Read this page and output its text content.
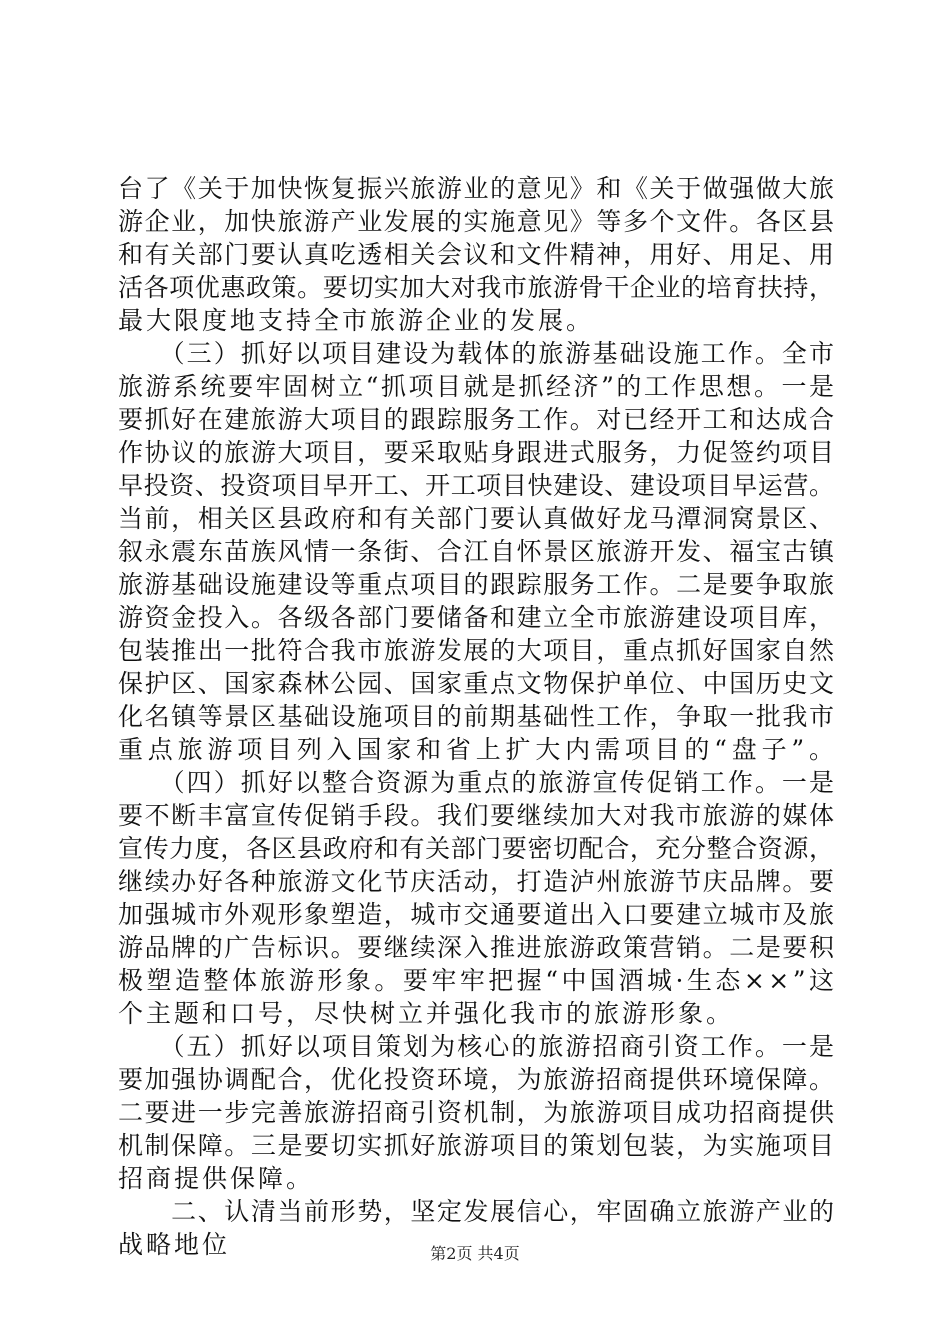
台了《关于加快恢复振兴旅游业的意见》和《关于做强做大旅
游企业，加快旅游产业发展的实施意见》等多个文件。各区县
和有关部门要认真吃透相关会议和文件精神，用好、用足、用
活各项优惠政策。要切实加大对我市旅游骨干企业的培育扶持，
最大限度地支持全市旅游企业的发展。
　　（三）抓好以项目建设为载体的旅游基础设施工作。全市
旅游系统要牢固树立“抓项目就是抓经济”的工作思想。一是
要抓好在建旅游大项目的跟踪服务工作。对已经开工和达成合
作协议的旅游大项目，要采取贴身跟进式服务，力促签约项目
早投资、投资项目早开工、开工项目快建设、建设项目早运营。
当前，相关区县政府和有关部门要认真做好龙马潭洞窝景区、
叙永震东苗族风情一条街、合江自怀景区旅游开发、福宝古镇
旅游基础设施建设等重点项目的跟踪服务工作。二是要争取旅
游资金投入。各级各部门要储备和建立全市旅游建设项目库，
包装推出一批符合我市旅游发展的大项目，重点抓好国家自然
保护区、国家森林公园、国家重点文物保护单位、中国历史文
化名镇等景区基础设施项目的前期基础性工作，争取一批我市
重点旅游项目列入国家和省上扩大内需项目的“盘子”。
　　（四）抓好以整合资源为重点的旅游宣传促销工作。一是
要不断丰富宣传促销手段。我们要继续加大对我市旅游的媒体
宣传力度，各区县政府和有关部门要密切配合，充分整合资源，
继续办好各种旅游文化节庆活动，打造泸州旅游节庆品牌。要
加强城市外观形象塑造，城市交通要道出入口要建立城市及旅
游品牌的广告标识。要继续深入推进旅游政策营销。二是要积
极塑造整体旅游形象。要牢牢把握“中国酒城·生态××”这
个主题和口号，尽快树立并强化我市的旅游形象。
　　（五）抓好以项目策划为核心的旅游招商引资工作。一是
要加强协调配合，优化投资环境，为旅游招商提供环境保障。
二要进一步完善旅游招商引资机制，为旅游项目成功招商提供
机制保障。三是要切实抓好旅游项目的策划包装，为实施项目
招商提供保障。
　　二、认清当前形势，坚定发展信心，牢固确立旅游产业的
战略地位	第2页 共4页
